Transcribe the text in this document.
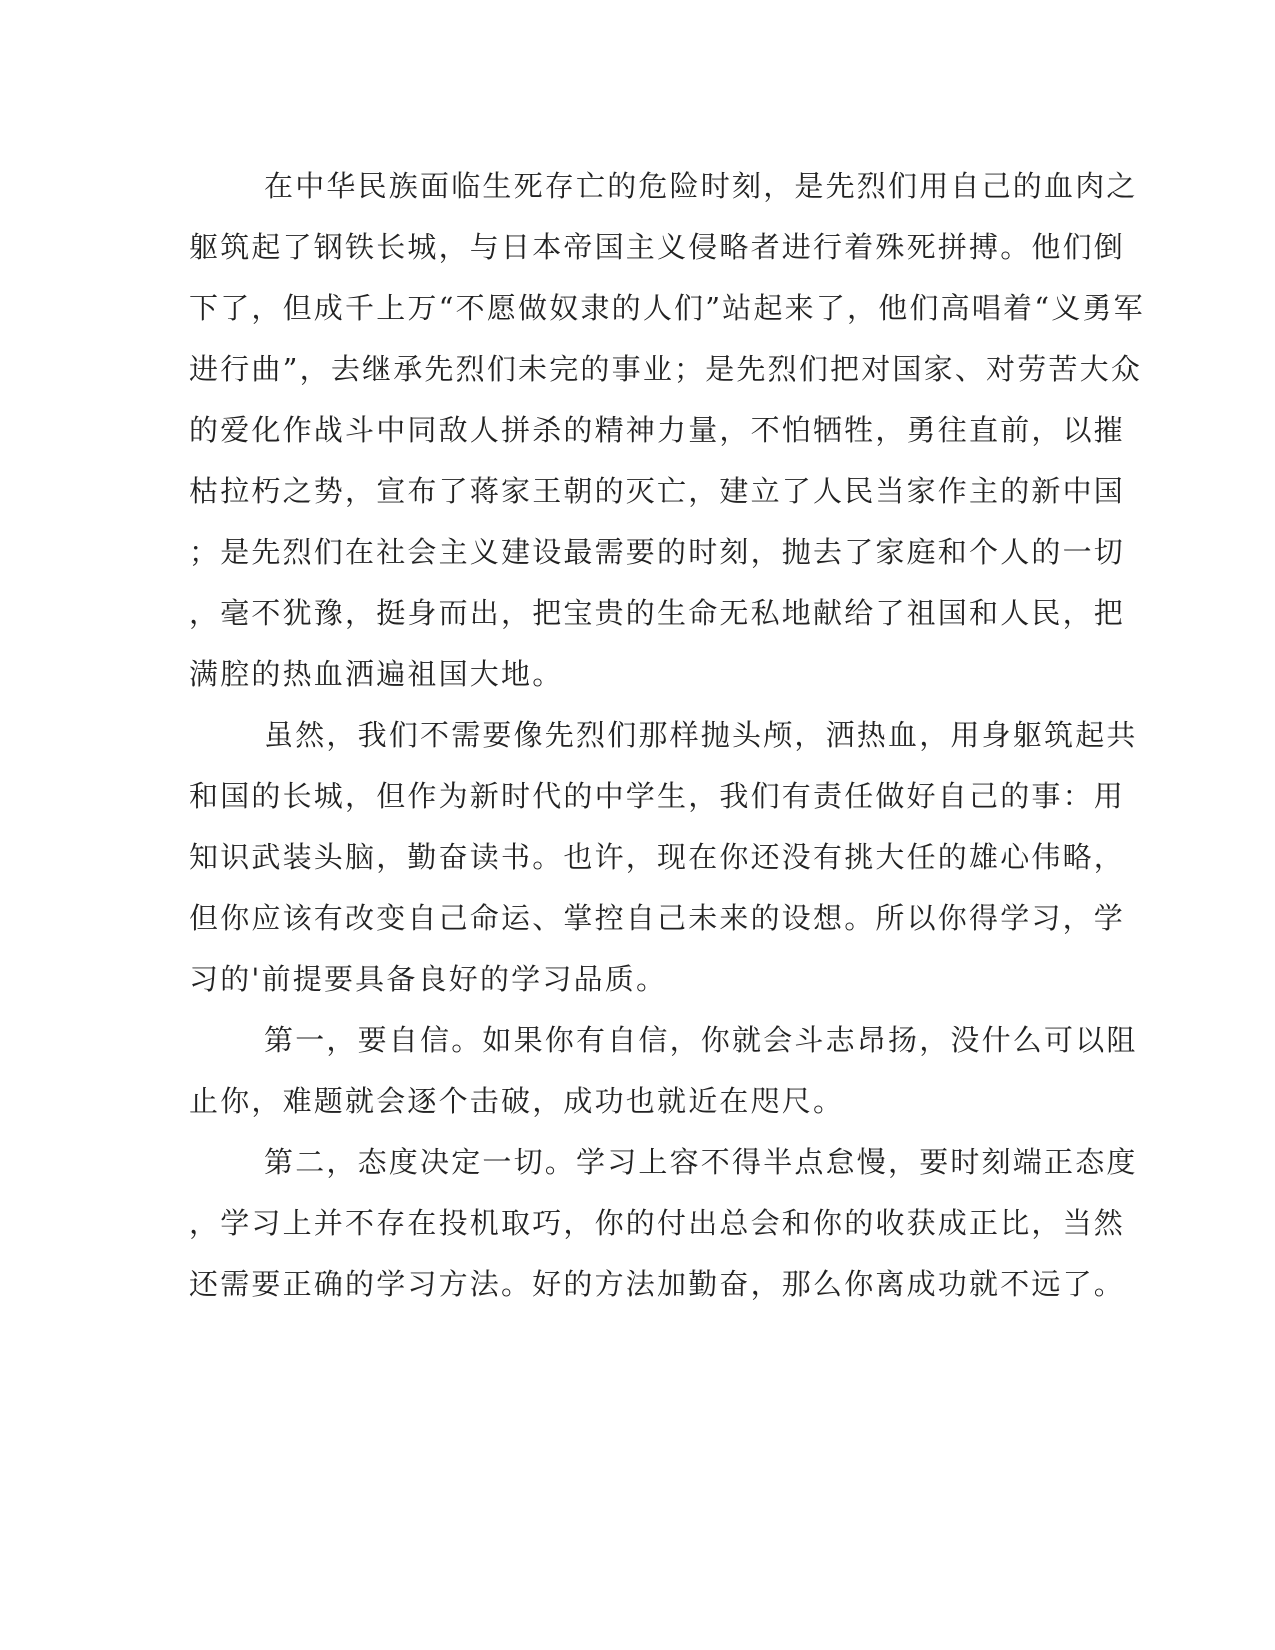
在中华民族面临生死存亡的危险时刻，是先烈们用自己的血肉之
躯筑起了钢铁长城，与日本帝国主义侵略者进行着殊死拼搏。他们倒
下了，但成千上万“不愿做奴隶的人们”站起来了，他们高唱着“义勇军
进行曲”，去继承先烈们未完的事业；是先烈们把对国家、对劳苦大众
的爱化作战斗中同敌人拼杀的精神力量，不怕牺牲，勇往直前，以摧
枯拉朽之势，宣布了蒋家王朝的灭亡，建立了人民当家作主的新中国
；是先烈们在社会主义建设最需要的时刻，抛去了家庭和个人的一切
，毫不犹豫，挺身而出，把宝贵的生命无私地献给了祖国和人民，把
满腔的热血洒遍祖国大地。
虽然，我们不需要像先烈们那样抛头颅，洒热血，用身躯筑起共
和国的长城，但作为新时代的中学生，我们有责任做好自己的事：用
知识武装头脑，勤奋读书。也许，现在你还没有挑大任的雄心伟略，
但你应该有改变自己命运、掌控自己未来的设想。所以你得学习，学
习的'前提要具备良好的学习品质。
第一，要自信。如果你有自信，你就会斗志昂扬，没什么可以阻
止你，难题就会逐个击破，成功也就近在咫尺。
第二，态度决定一切。学习上容不得半点怠慢，要时刻端正态度
，学习上并不存在投机取巧，你的付出总会和你的收获成正比，当然
还需要正确的学习方法。好的方法加勤奋，那么你离成功就不远了。
